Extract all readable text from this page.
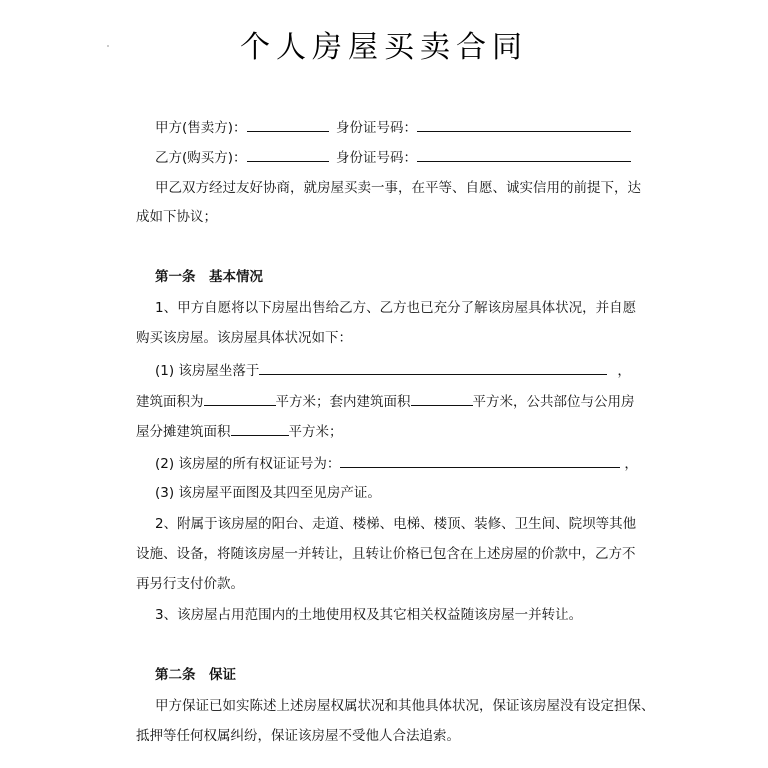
个人房屋买卖合同
甲方(售卖方)：	身份证号码：
乙方(购买方)：	身份证号码：
甲乙双方经过友好协商，就房屋买卖一事，在平等、自愿、诚实信用的前提下，达
成如下协议；
第一条　基本情况
1、甲方自愿将以下房屋出售给乙方、乙方也已充分了解该房屋具体状况，并自愿
购买该房屋。该房屋具体状况如下：
(1) 该房屋坐落于	，
建筑面积为	平方米；套内建筑面积	平方米，公共部位与公用房
屋分摊建筑面积	平方米；
(2) 该房屋的所有权证证号为：	，
(3) 该房屋平面图及其四至见房产证。
2、附属于该房屋的阳台、走道、楼梯、电梯、楼顶、装修、卫生间、院坝等其他
设施、设备，将随该房屋一并转让，且转让价格已包含在上述房屋的价款中，乙方不
再另行支付价款。
3、该房屋占用范围内的土地使用权及其它相关权益随该房屋一并转让。
第二条　保证
甲方保证已如实陈述上述房屋权属状况和其他具体状况，保证该房屋没有设定担保、
抵押等任何权属纠纷，保证该房屋不受他人合法追索。
